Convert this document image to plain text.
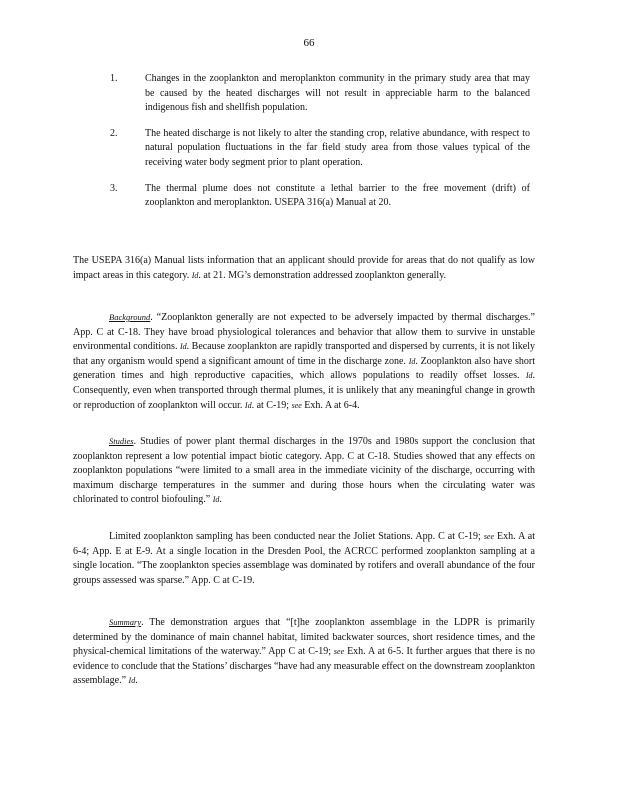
66
1.	Changes in the zooplankton and meroplankton community in the primary study area that may be caused by the heated discharges will not result in appreciable harm to the balanced indigenous fish and shellfish population.
2.	The heated discharge is not likely to alter the standing crop, relative abundance, with respect to natural population fluctuations in the far field study area from those values typical of the receiving water body segment prior to plant operation.
3.	The thermal plume does not constitute a lethal barrier to the free movement (drift) of zooplankton and meroplankton. USEPA 316(a) Manual at 20.

The USEPA 316(a) Manual lists information that an applicant should provide for areas that do not qualify as low impact areas in this category. Id. at 21. MG’s demonstration addressed zooplankton generally.

Background. “Zooplankton generally are not expected to be adversely impacted by thermal discharges.” App. C at C-18. They have broad physiological tolerances and behavior that allow them to survive in unstable environmental conditions. Id. Because zooplankton are rapidly transported and dispersed by currents, it is not likely that any organism would spend a significant amount of time in the discharge zone. Id. Zooplankton also have short generation times and high reproductive capacities, which allows populations to readily offset losses. Id. Consequently, even when transported through thermal plumes, it is unlikely that any meaningful change in growth or reproduction of zooplankton will occur. Id. at C-19; see Exh. A at 6-4.

Studies. Studies of power plant thermal discharges in the 1970s and 1980s support the conclusion that zooplankton represent a low potential impact biotic category. App. C at C-18. Studies showed that any effects on zooplankton populations “were limited to a small area in the immediate vicinity of the discharge, occurring with maximum discharge temperatures in the summer and during those hours when the circulating water was chlorinated to control biofouling.” Id.

Limited zooplankton sampling has been conducted near the Joliet Stations. App. C at C-19; see Exh. A at 6-4; App. E at E-9. At a single location in the Dresden Pool, the ACRCC performed zooplankton sampling at a single location. “The zooplankton species assemblage was dominated by rotifers and overall abundance of the four groups assessed was sparse.” App. C at C-19.

Summary. The demonstration argues that “[t]he zooplankton assemblage in the LDPR is primarily determined by the dominance of main channel habitat, limited backwater sources, short residence times, and the physical-chemical limitations of the waterway.” App C at C-19; see Exh. A at 6-5. It further argues that there is no evidence to conclude that the Stations’ discharges “have had any measurable effect on the downstream zooplankton assemblage.” Id.
